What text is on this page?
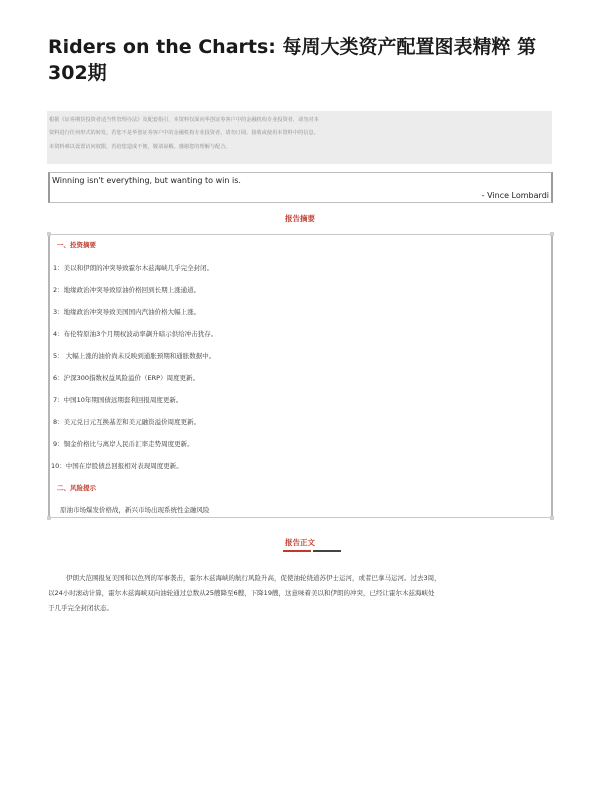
Riders on the Charts: 每周大类资产配置图表精粹 第
302期

根据《证劵期货投资者适当性管理办法》及配套指引，本资料仅面向华创证劵客户中的金融机构专业投资者，请勿对本

资料进行任何形式的转发。若您不是华创证劵客户中的金融机构专业投资者，请勿订阅、接收或使用本资料中的信息。

本资料难以设置访问权限，若给您造成不便，敬请谅解。感谢您的理解与配合。

Winning isn't everything, but wanting to win is.
- Vince Lombardi
报告摘要
一、投资摘要
1：美以和伊朗的冲突导致霍尔木兹海峡几乎完全封闭。
2：地缘政治冲突导致原油价格回到长期上涨通道。
3：地缘政治冲突导致美国国内汽油价格大幅上涨。
4：布伦特原油3个月期权波动率飙升暗示供给冲击犹存。
5： 大幅上涨的油价尚未反映到通胀预期和通胀数据中。
6：沪深300指数权益风险溢价（ERP）周度更新。
7：中国10年期国债远期套利回报周度更新。
8：美元兑日元互换基差和美元融资溢价周度更新。
9：铜金价格比与离岸人民币汇率走势周度更新。
10：中国在岸股债总回报相对表现周度更新。
二、风险提示
原油市场爆发价格战，新兴市场出现系统性金融风险
报告正文

伊朗大范围报复美国和以色列的军事袭击，霍尔木兹海峡的航行风险升高，促使油轮绕道苏伊士运河，或者巴拿马运河。过去3周，

以24小时滚动计算，霍尔木兹海峡双向油轮通过总数从25艘降至6艘，下降19艘，这意味着美以和伊朗的冲突，已经让霍尔木兹海峡处

于几乎完全封闭状态。
